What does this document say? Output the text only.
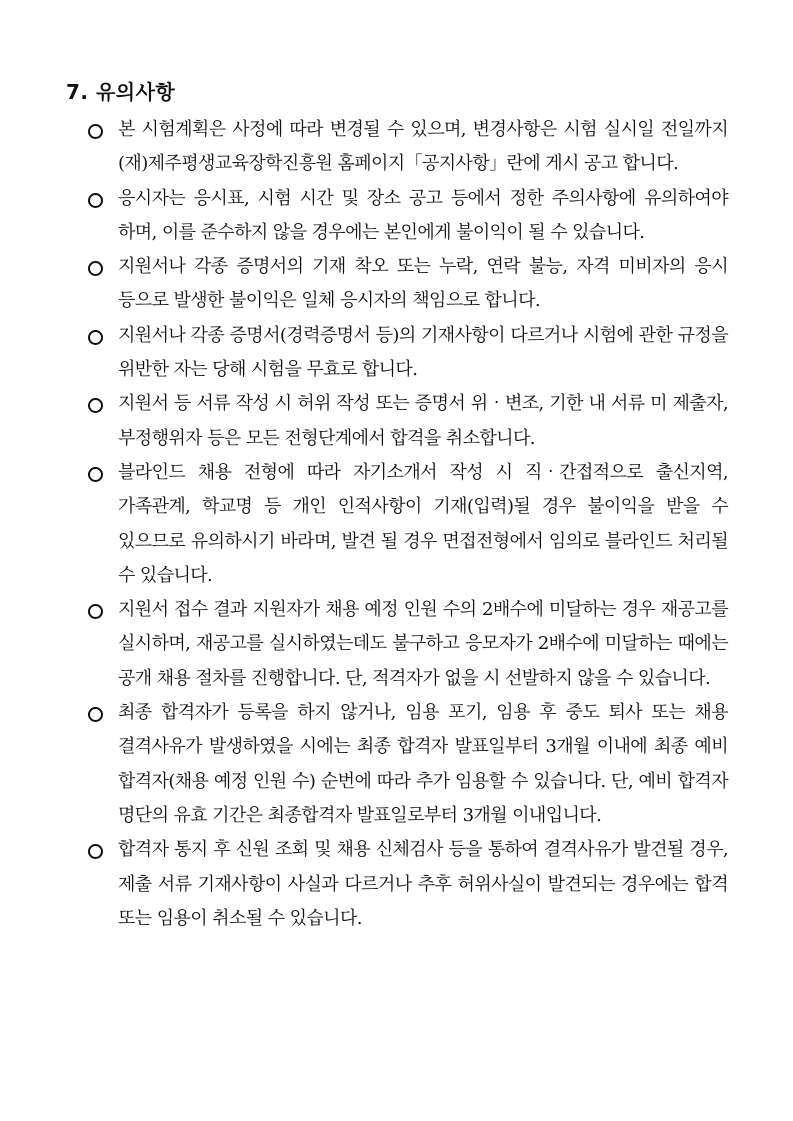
7. 유의사항
본 시험계획은 사정에 따라 변경될 수 있으며, 변경사항은 시험 실시일 전일까지 (재)제주평생교육장학진흥원 홈페이지「공지사항」란에 게시 공고 합니다.
응시자는 응시표, 시험 시간 및 장소 공고 등에서 정한 주의사항에 유의하여야 하며, 이를 준수하지 않을 경우에는 본인에게 불이익이 될 수 있습니다.
지원서나 각종 증명서의 기재 착오 또는 누락, 연락 불능, 자격 미비자의 응시 등으로 발생한 불이익은 일체 응시자의 책임으로 합니다.
지원서나 각종 증명서(경력증명서 등)의 기재사항이 다르거나 시험에 관한 규정을 위반한 자는 당해 시험을 무효로 합니다.
지원서 등 서류 작성 시 허위 작성 또는 증명서 위‧변조, 기한 내 서류 미 제출자, 부정행위자 등은 모든 전형단계에서 합격을 취소합니다.
블라인드 채용 전형에 따라 자기소개서 작성 시 직‧간접적으로 출신지역, 가족관계, 학교명 등 개인 인적사항이 기재(입력)될 경우 불이익을 받을 수 있으므로 유의하시기 바라며, 발견 될 경우 면접전형에서 임의로 블라인드 처리될 수 있습니다.
지원서 접수 결과 지원자가 채용 예정 인원 수의 2배수에 미달하는 경우 재공고를 실시하며, 재공고를 실시하였는데도 불구하고 응모자가 2배수에 미달하는 때에는 공개 채용 절차를 진행합니다. 단, 적격자가 없을 시 선발하지 않을 수 있습니다.
최종 합격자가 등록을 하지 않거나, 임용 포기, 임용 후 중도 퇴사 또는 채용 결격사유가 발생하였을 시에는 최종 합격자 발표일부터 3개월 이내에 최종 예비 합격자(채용 예정 인원 수) 순번에 따라 추가 임용할 수 있습니다. 단, 예비 합격자 명단의 유효 기간은 최종합격자 발표일로부터 3개월 이내입니다.
합격자 통지 후 신원 조회 및 채용 신체검사 등을 통하여 결격사유가 발견될 경우, 제출 서류 기재사항이 사실과 다르거나 추후 허위사실이 발견되는 경우에는 합격 또는 임용이 취소될 수 있습니다.
